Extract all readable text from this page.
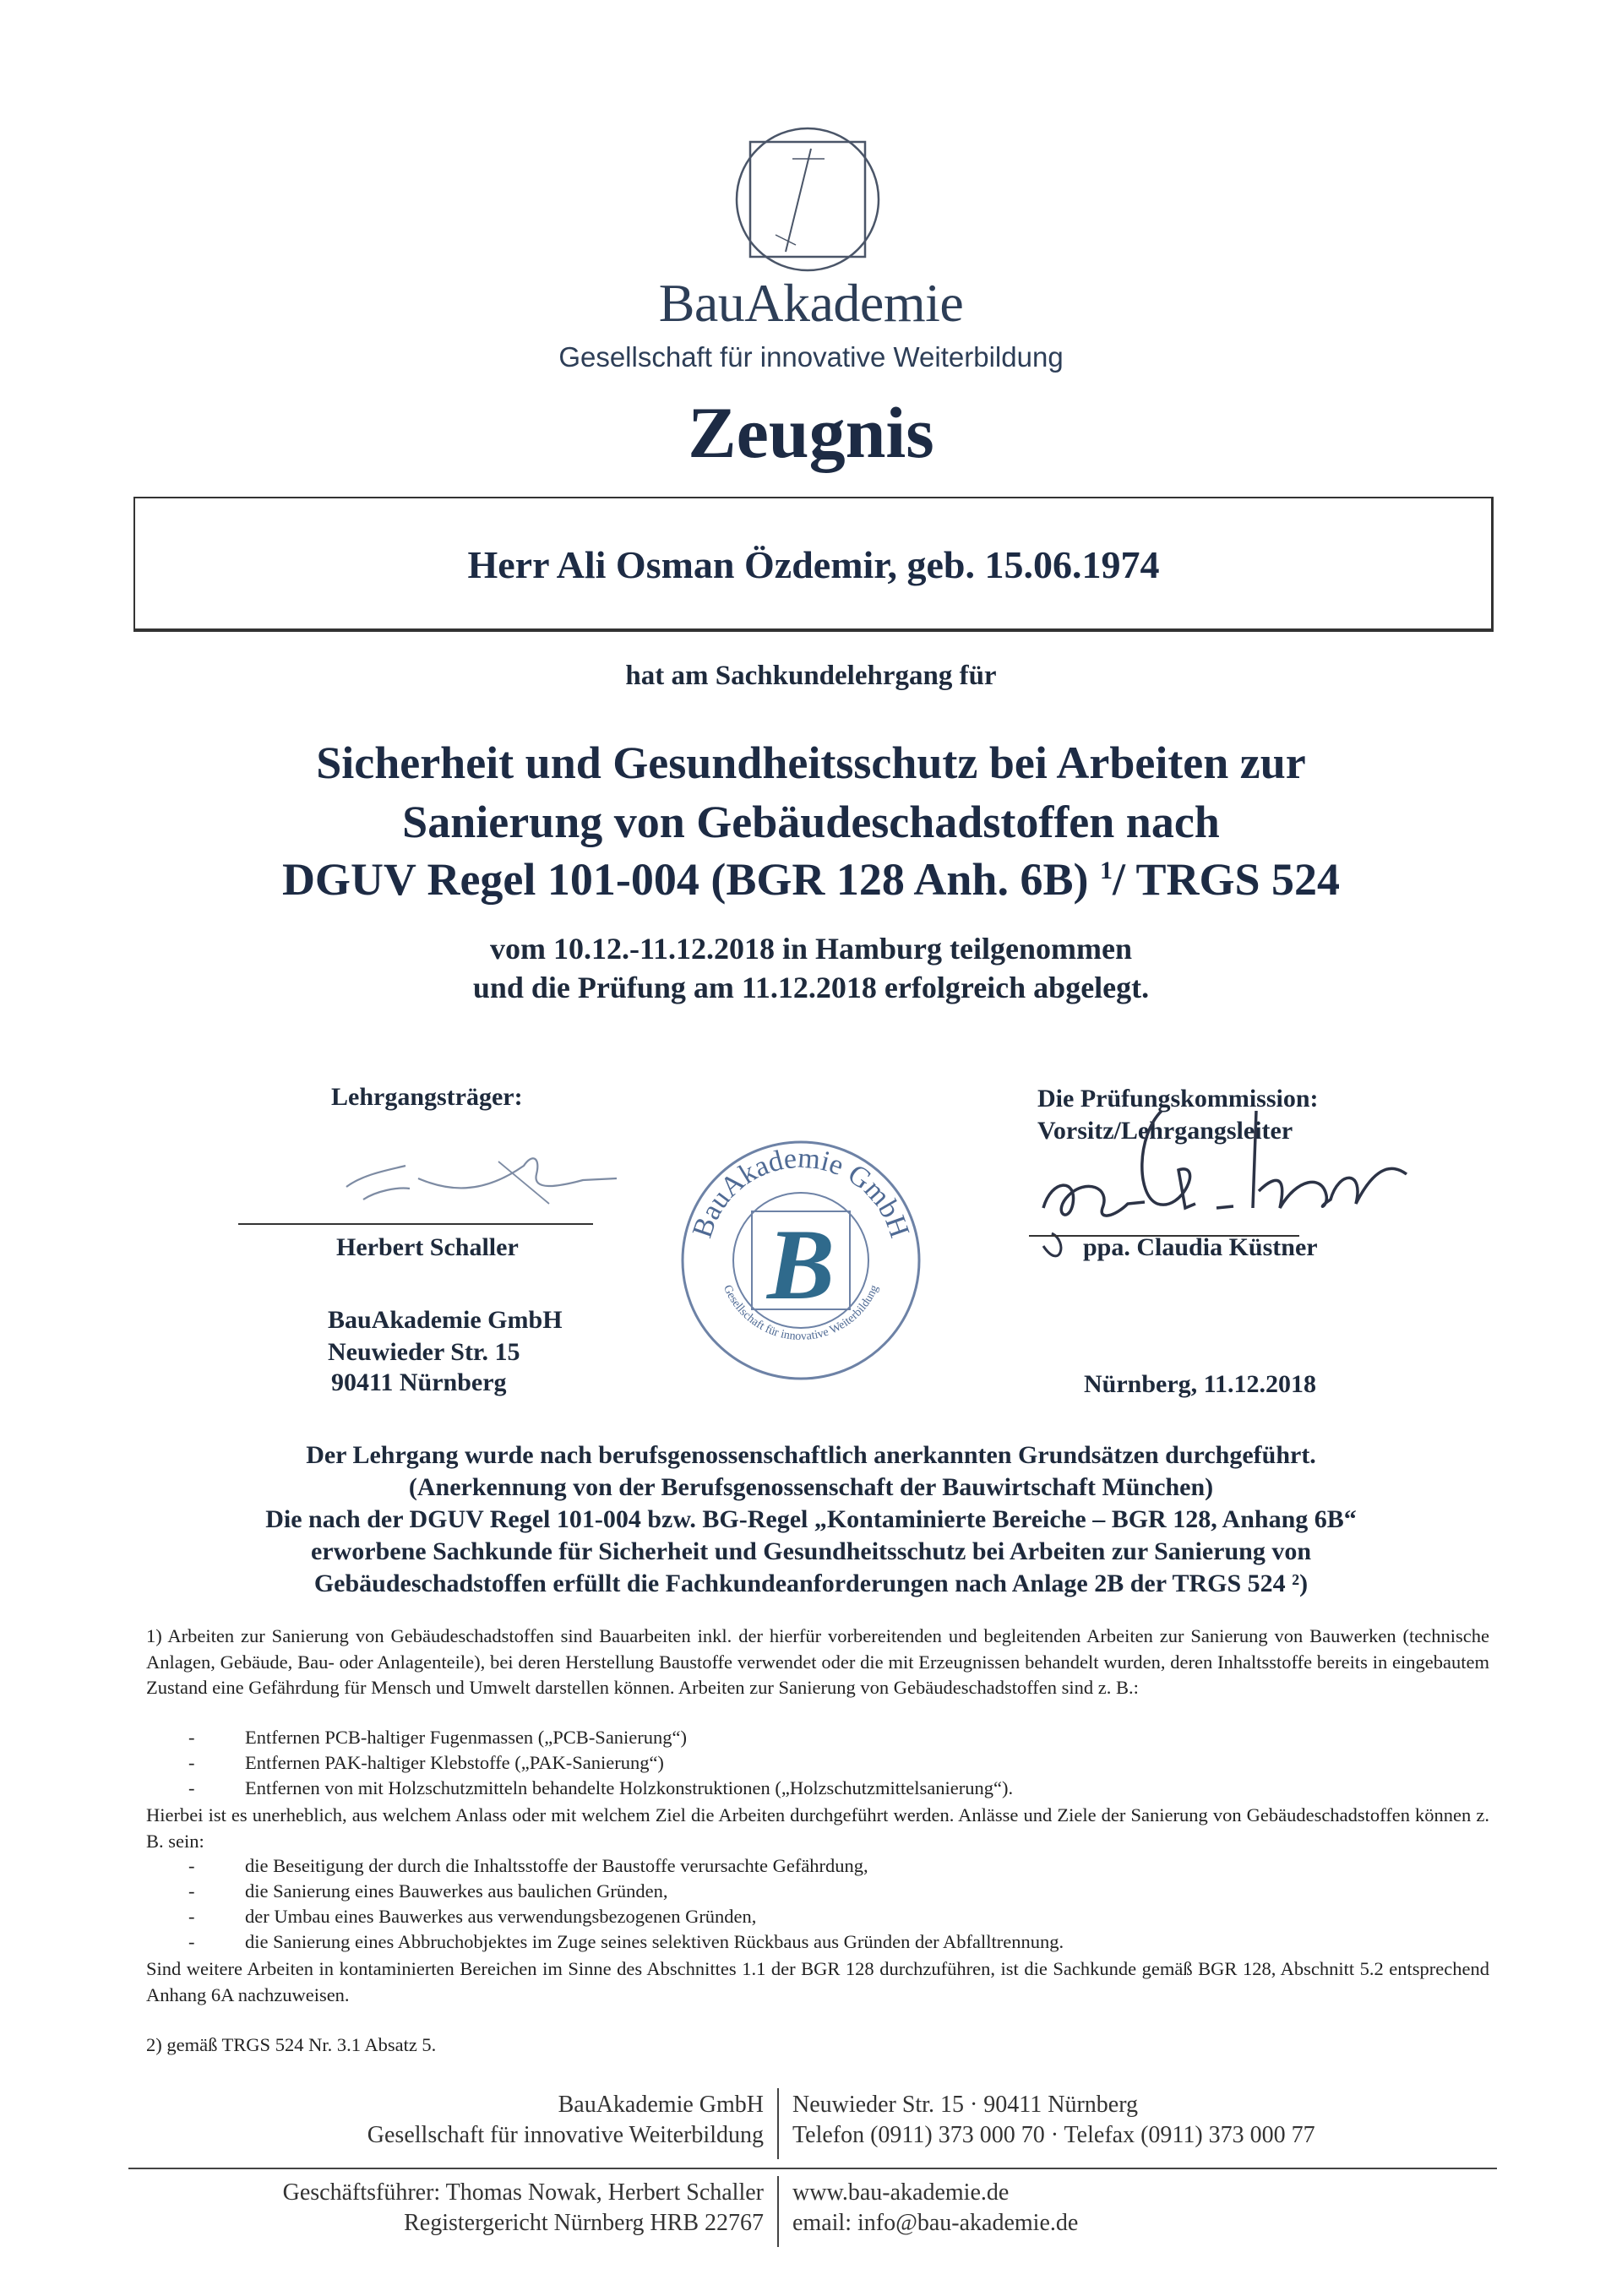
BauAkademie
Gesellschaft für innovative Weiterbildung
Zeugnis
Herr Ali Osman Özdemir, geb. 15.06.1974
hat am Sachkundelehrgang für
Sicherheit und Gesundheitsschutz bei Arbeiten zur
Sanierung von Gebäudeschadstoffen nach
DGUV Regel 101-004 (BGR 128 Anh. 6B) $^1$/ TRGS 524
vom 10.12.-11.12.2018 in Hamburg teilgenommen
und die Prüfung am 11.12.2018 erfolgreich abgelegt.
Lehrgangsträger:
Herbert Schaller
BauAkademie GmbH
Neuwieder Str. 15
90411 Nürnberg
BauAkademie GmbH
Gesellschaft für innovative Weiterbildung
B
Die Prüfungskommission:
Vorsitz/Lehrgangsleiter
ppa. Claudia Küstner
Nürnberg, 11.12.2018
Der Lehrgang wurde nach berufsgenossenschaftlich anerkannten Grundsätzen durchgeführt.
(Anerkennung von der Berufsgenossenschaft der Bauwirtschaft München)
Die nach der DGUV Regel 101-004 bzw. BG-Regel „Kontaminierte Bereiche – BGR 128, Anhang 6B“
erworbene Sachkunde für Sicherheit und Gesundheitsschutz bei Arbeiten zur Sanierung von
Gebäudeschadstoffen erfüllt die Fachkundeanforderungen nach Anlage 2B der TRGS 524 ²)
1) Arbeiten zur Sanierung von Gebäudeschadstoffen sind Bauarbeiten inkl. der hierfür vorbereitenden und begleitenden Arbeiten zur Sanierung von Bauwerken (technische Anlagen, Gebäude, Bau- oder Anlagenteile), bei deren Herstellung Baustoffe verwendet oder die mit Erzeugnissen behandelt wurden, deren Inhaltsstoffe bereits in eingebautem Zustand eine Gefährdung für Mensch und Umwelt darstellen können. Arbeiten zur Sanierung von Gebäudeschadstoffen sind z. B.:
-	Entfernen PCB-haltiger Fugenmassen („PCB-Sanierung“)
-	Entfernen PAK-haltiger Klebstoffe („PAK-Sanierung“)
-	Entfernen von mit Holzschutzmitteln behandelte Holzkonstruktionen („Holzschutzmittelsanierung“).
Hierbei ist es unerheblich, aus welchem Anlass oder mit welchem Ziel die Arbeiten durchgeführt werden. Anlässe und Ziele der Sanierung von Gebäudeschadstoffen können z. B. sein:
-	die Beseitigung der durch die Inhaltsstoffe der Baustoffe verursachte Gefährdung,
-	die Sanierung eines Bauwerkes aus baulichen Gründen,
-	der Umbau eines Bauwerkes aus verwendungsbezogenen Gründen,
-	die Sanierung eines Abbruchobjektes im Zuge seines selektiven Rückbaus aus Gründen der Abfalltrennung.
Sind weitere Arbeiten in kontaminierten Bereichen im Sinne des Abschnittes 1.1 der BGR 128 durchzuführen, ist die Sachkunde gemäß BGR 128, Abschnitt 5.2 entsprechend Anhang 6A nachzuweisen.
2) gemäß TRGS 524 Nr. 3.1 Absatz 5.
BauAkademie GmbH
Gesellschaft für innovative Weiterbildung
Neuwieder Str. 15 · 90411 Nürnberg
Telefon (0911) 373 000 70 · Telefax (0911) 373 000 77
Geschäftsführer: Thomas Nowak, Herbert Schaller
Registergericht Nürnberg HRB 22767
www.bau-akademie.de
email: info@bau-akademie.de
